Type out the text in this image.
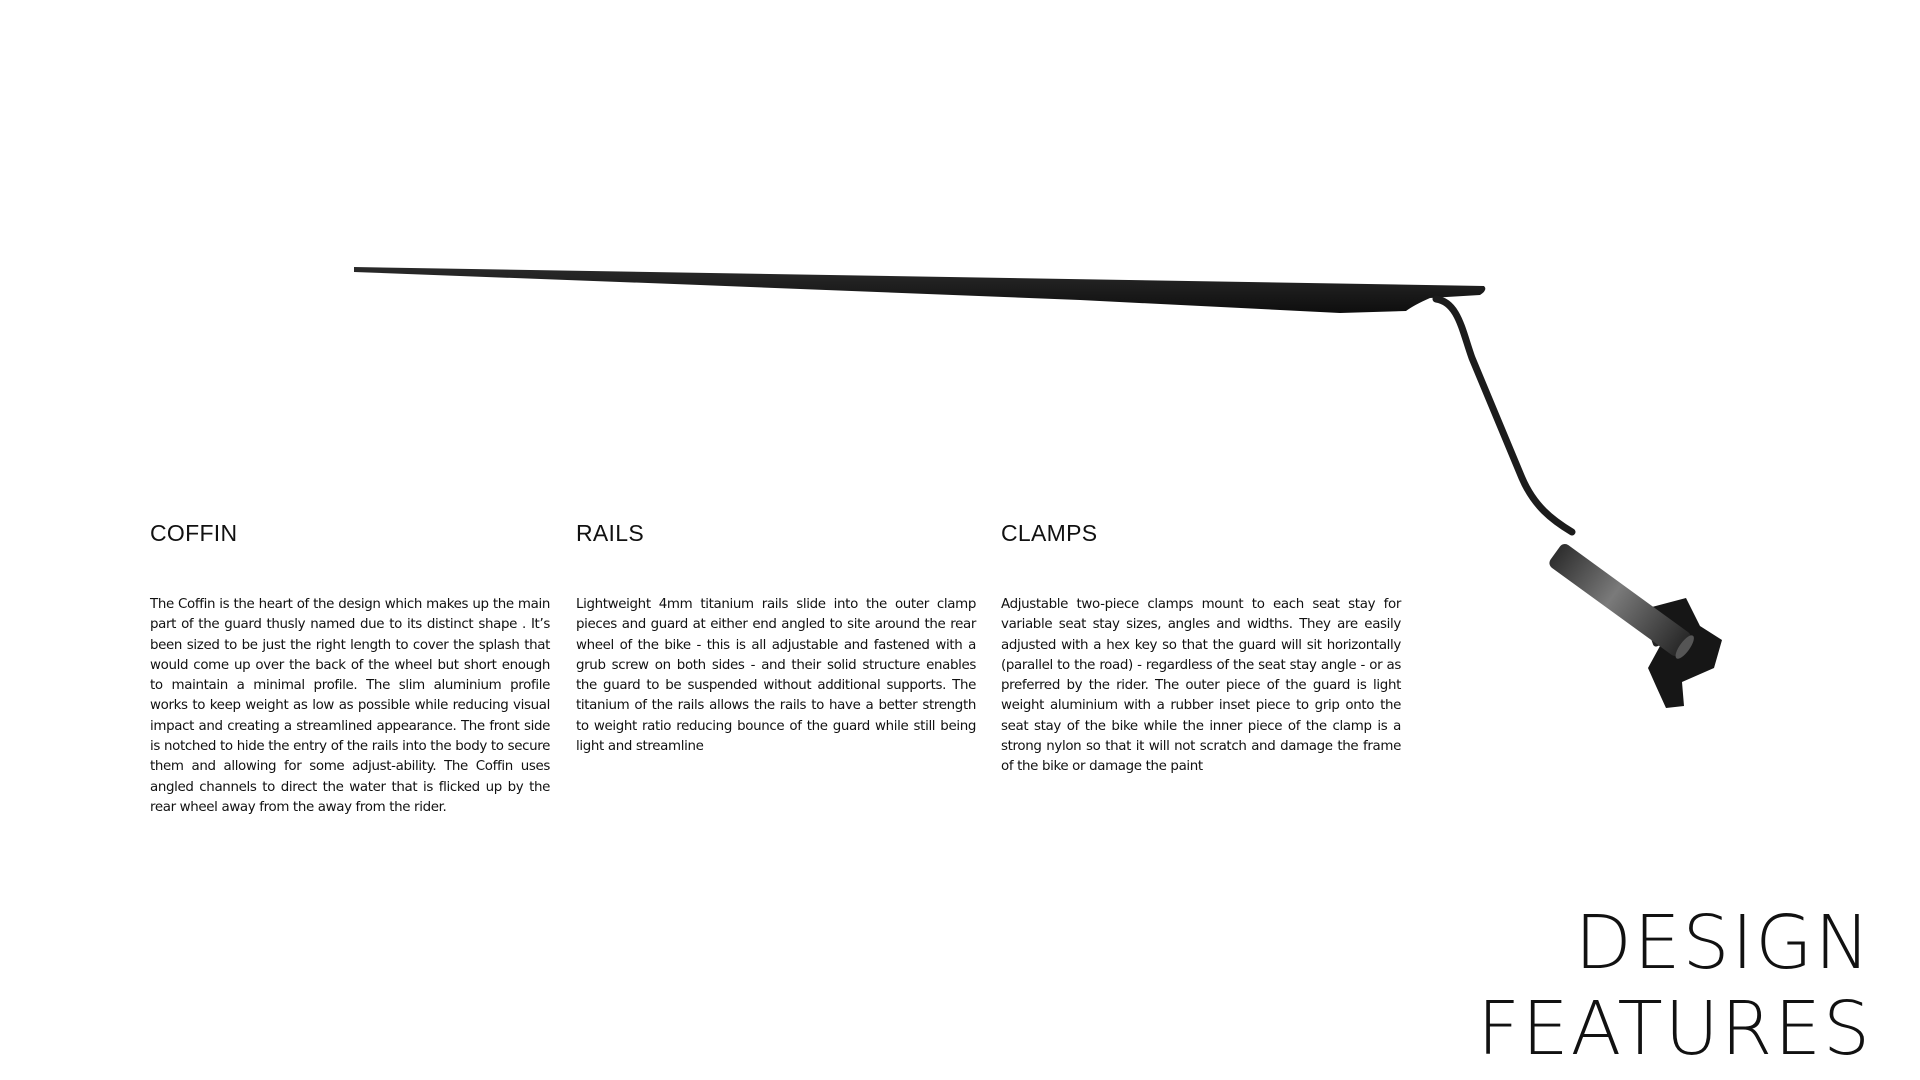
COFFIN

The Coffin is the heart of the design which makes up the main part of the guard thusly named due to its distinct shape . It’s been sized to be just the right length to cover the splash that would come up over the back of the wheel but short enough to maintain a minimal profile. The slim aluminium profile works to keep weight as low as possible while reducing visual impact and creating a streamlined appearance. The front side is notched to hide the entry of the rails into the body to secure them and allowing for some adjust-ability. The Coffin uses angled channels to direct the water that is flicked up by the rear wheel away from the away from the rider.

RAILS

Lightweight 4mm titanium rails slide into the outer clamp pieces and guard at either end angled to site around the rear wheel of the bike - this is all adjustable and fastened with a grub screw on both sides - and their solid structure enables the guard to be suspended without additional supports. The titanium of the rails allows the rails to have a better strength to weight ratio reducing bounce of the guard while still being light and streamline

CLAMPS

Adjustable two-piece clamps mount to each seat stay for variable seat stay sizes, angles and widths. They are easily adjusted with a hex key so that the guard will sit horizontally (parallel to the road) - regardless of the seat stay angle - or as preferred by the rider. The outer piece of the guard is light weight aluminium with a rubber inset piece to grip onto the seat stay of the bike while the inner piece of the clamp is a strong nylon so that it will not scratch and damage the frame of the bike or damage the paint

DESIGN
FEATURES
